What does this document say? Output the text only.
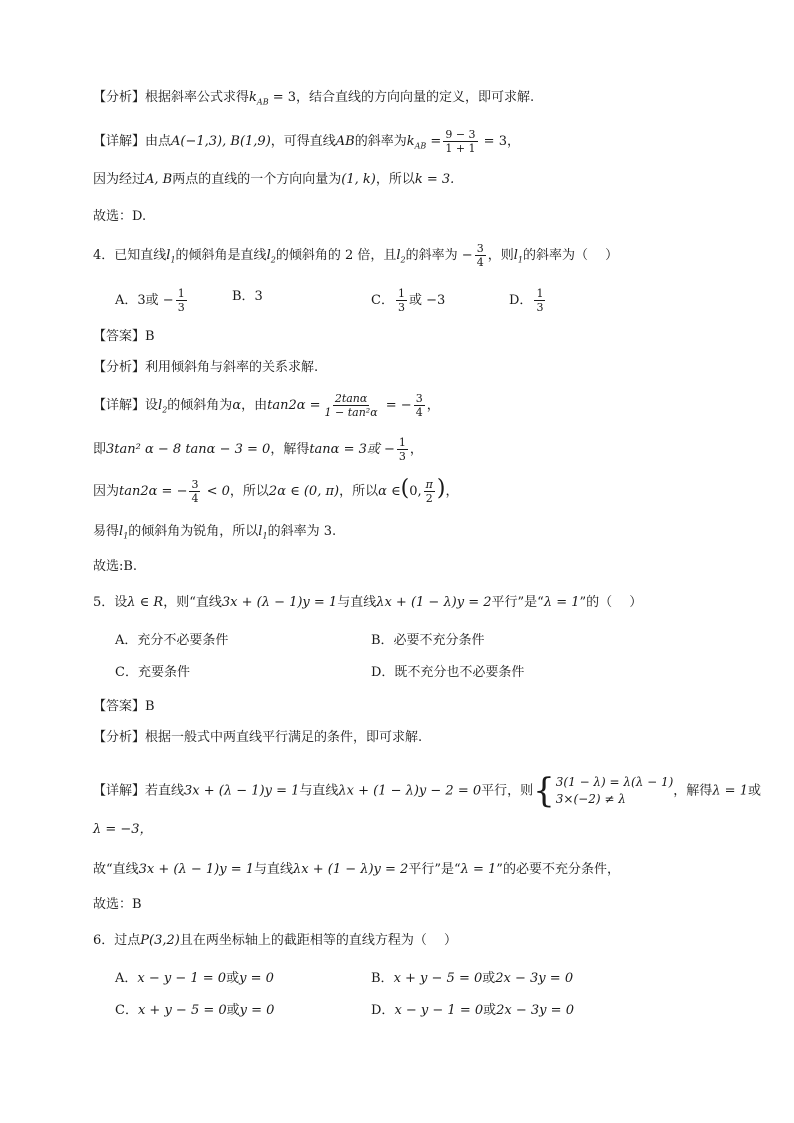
【分析】根据斜率公式求得$k_{AB} = 3$，结合直线的方向向量的定义，即可求解.
【详解】由点A(−1,3), B(1,9)，可得直线AB的斜率为$k_{AB} = \frac{9 - 3}{1 + 1} = 3$，
因为经过A, B两点的直线的一个方向向量为(1, k)，所以k = 3.
故选：D.
4．已知直线$l_1$的倾斜角是直线$l_2$的倾斜角的 2 倍，且$l_2$的斜率为 − $\frac{3}{4}$ ，则$l_1$的斜率为（　 ）
A．3或 − $\frac{1}{3}$	B．3	C． $\frac{1}{3}$ 或 −3	D． $\frac{1}{3}$
【答案】B
【分析】利用倾斜角与斜率的关系求解.
【详解】设$l_2$的倾斜角为α，由$\tan 2\alpha = \frac{2\tan\alpha}{\text{1 − tan²α}}$ = − $\frac{3}{4}$ ，
即3tan² α − 8 tanα − 3 = 0，解得tanα = 3或 − $\frac{1}{3}$ ，
因为tan2α = − $\frac{3}{4} < 0$，所以2α ∈ (0, π)，所以α ∈(0, $\frac{\pi}{2}$ )，
易得$l_1$的倾斜角为锐角，所以$l_1$的斜率为 3.
故选:B.
5．设λ ∈ R，则“直线3x + (λ − 1)y = 1与直线λx + (1 − λ)y = 2平行”是“λ = 1”的（　 ）
A．充分不必要条件	B．必要不充分条件
C．充要条件	D．既不充分也不必要条件
【答案】B
【分析】根据一般式中两直线平行满足的条件，即可求解.
【详解】若直线3x + (λ − 1)y = 1与直线λx + (1 − λ)y − 2 = 0平行，则 { 3(1 − λ) = λ(λ − 1)
3×(−2) ≠ λ
，解得λ = 1或
λ = −3，
故“直线3x + (λ − 1)y = 1与直线λx + (1 − λ)y = 2平行”是“λ = 1”的必要不充分条件，
故选：B
6．过点P(3,2)且在两坐标轴上的截距相等的直线方程为（　 ）
A．x − y − 1 = 0或y = 0	B．x + y − 5 = 0或2x − 3y = 0
C．x + y − 5 = 0或y = 0	D．x − y − 1 = 0或2x − 3y = 0
